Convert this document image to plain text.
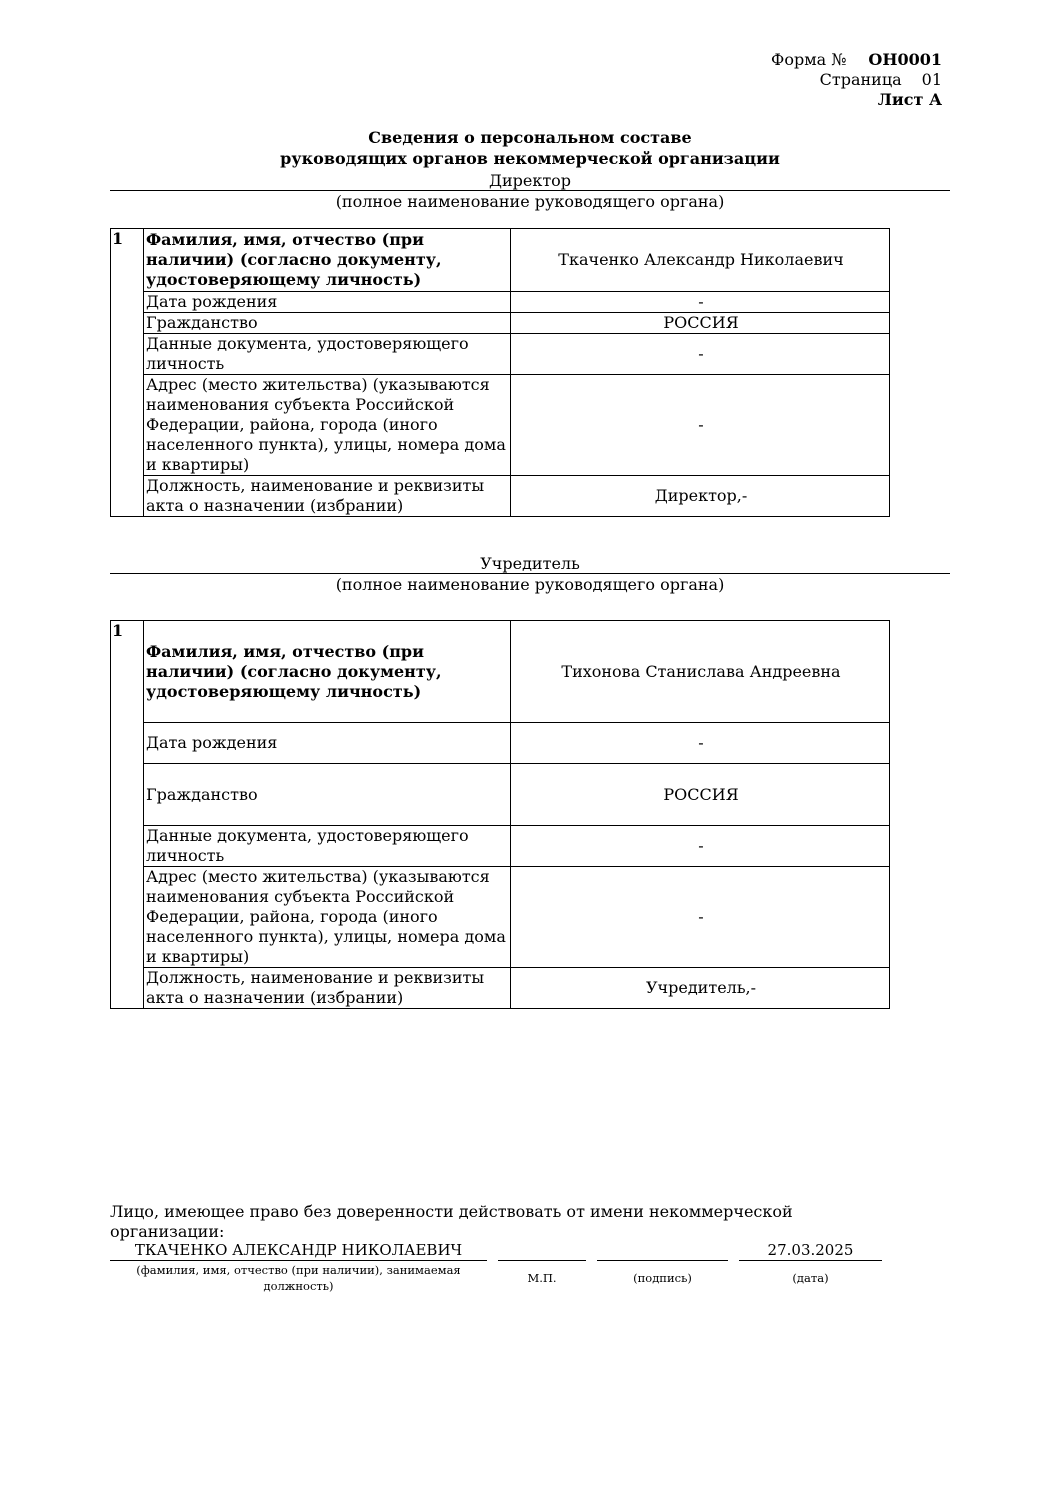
Форма № ОН0001
Страница 01
Лист А
Сведения о персональном составе
руководящих органов некоммерческой организации
Директор
(полное наименование руководящего органа)
1	Фамилия, имя, отчество (при наличии) (согласно документу, удостоверяющему личность)	Ткаченко Александр Николаевич
	Дата рождения	-
	Гражданство	РОССИЯ
	Данные документа, удостоверяющего личность	-
	Адрес (место жительства) (указываются наименования субъекта Российской Федерации, района, города (иного населенного пункта), улицы, номера дома и квартиры)	-
	Должность, наименование и реквизиты акта о назначении (избрании)	Директор,-
Учредитель
(полное наименование руководящего органа)
1	Фамилия, имя, отчество (при наличии) (согласно документу, удостоверяющему личность)	Тихонова Станислава Андреевна
	Дата рождения	-
	Гражданство	РОССИЯ
	Данные документа, удостоверяющего личность	-
	Адрес (место жительства) (указываются наименования субъекта Российской Федерации, района, города (иного населенного пункта), улицы, номера дома и квартиры)	-
	Должность, наименование и реквизиты акта о назначении (избрании)	Учредитель,-
Лицо, имеющее право без доверенности действовать от имени некоммерческой организации:
ТКАЧЕНКО АЛЕКСАНДР НИКОЛАЕВИЧ	27.03.2025
(фамилия, имя, отчество (при наличии), занимаемая должность)
М.П.	(подпись)	(дата)
